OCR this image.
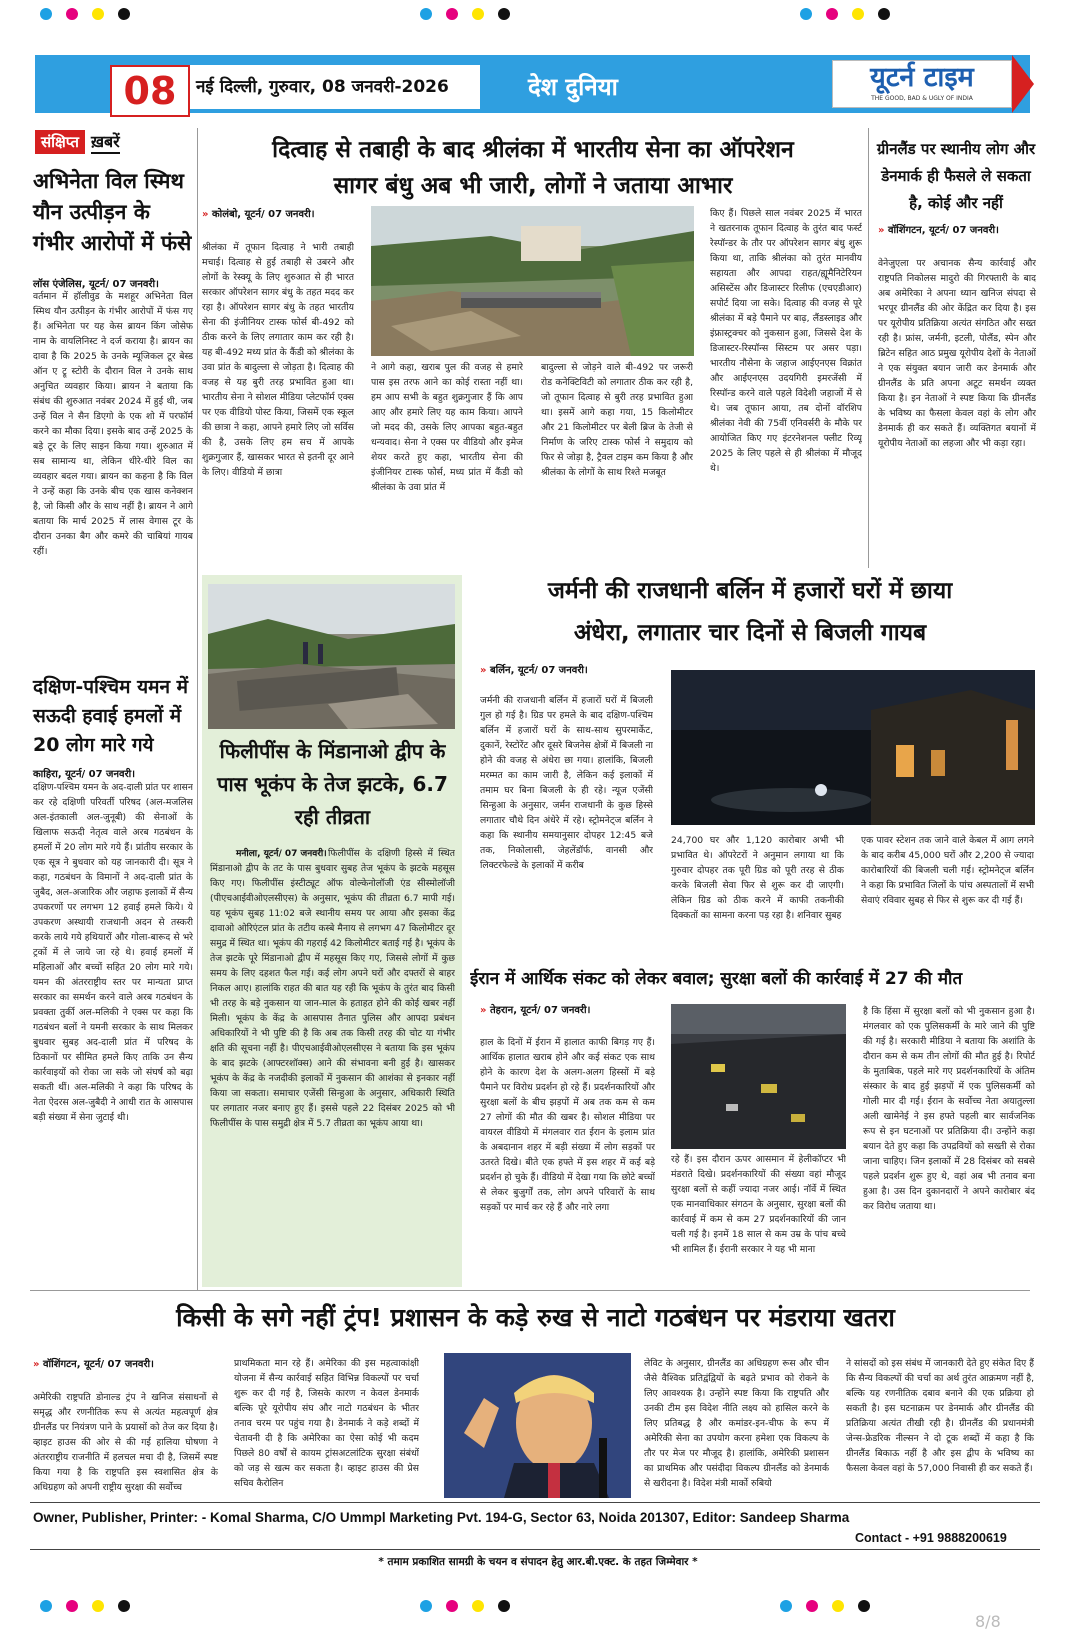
08	नई दिल्ली, गुरुवार, 08 जनवरी-2026	देश दुनिया	यूटर्न टाइम
THE GOOD, BAD & UGLY OF INDIA
संक्षिप्त ख़बरें
अभिनेता विल स्मिथ यौन उत्पीड़न के गंभीर आरोपों में फंसे
लॉस एंजेलिस, यूटर्न/ 07 जनवरी।
वर्तमान में हॉलीवुड के मशहूर अभिनेता विल स्मिथ यौन उत्पीड़न के गंभीर आरोपों में फंस गए हैं। अभिनेता पर यह केस ब्रायन किंग जोसेफ नाम के वायलिनिस्ट ने दर्ज कराया है। ब्रायन का दावा है कि 2025 के उनके म्यूजिकल टूर बेस्ड ऑन ए ट्रू स्टोरी के दौरान विल ने उनके साथ अनुचित व्यवहार किया। ब्रायन ने बताया कि संबंध की शुरुआत नवंबर 2024 में हुई थी, जब उन्हें विल ने सैन डिएगो के एक शो में परफॉर्म करने का मौका दिया। इसके बाद उन्हें 2025 के बड़े टूर के लिए साइन किया गया। शुरुआत में सब सामान्य था, लेकिन धीरे-धीरे विल का व्यवहार बदल गया। ब्रायन का कहना है कि विल ने उन्हें कहा कि उनके बीच एक खास कनेक्शन है, जो किसी और के साथ नहीं है। ब्रायन ने आगे बताया कि मार्च 2025 में लास वेगास टूर के दौरान उनका बैग और कमरे की चाबियां गायब रहीं।
दक्षिण-पश्चिम यमन में सऊदी हवाई हमलों में 20 लोग मारे गये
काहिरा, यूटर्न/ 07 जनवरी।
दक्षिण-पश्चिम यमन के अद-दाली प्रांत पर शासन कर रहे दक्षिणी परिवर्ती परिषद (अल-मजलिस अल-इंतकाली अल-जुनूबी) की सेनाओं के खिलाफ सऊदी नेतृत्व वाले अरब गठबंधन के हमलों में 20 लोग मारे गये हैं। प्रांतीय सरकार के एक सूत्र ने बुधवार को यह जानकारी दी। सूत्र ने कहा, गठबंधन के विमानों ने अद-दाली प्रांत के जुबैद, अल-अजारिक और जहाफ इलाकों में सैन्य उपकरणों पर लगभग 12 हवाई हमले किये। ये उपकरण अस्थायी राजधानी अदन से तस्करी करके लाये गये हथियारों और गोला-बारूद से भरे ट्रकों में ले जाये जा रहे थे। हवाई हमलों में महिलाओं और बच्चों सहित 20 लोग मारे गये। यमन की अंतरराष्ट्रीय स्तर पर मान्यता प्राप्त सरकार का समर्थन करने वाले अरब गठबंधन के प्रवक्ता तुर्की अल-मलिकी ने एक्स पर कहा कि गठबंधन बलों ने यमनी सरकार के साथ मिलकर बुधवार सुबह अद-दाली प्रांत में परिषद के ठिकानों पर सीमित हमले किए ताकि उन सैन्य कार्रवाइयों को रोका जा सके जो संघर्ष को बढ़ा सकती थीं। अल-मलिकी ने कहा कि परिषद के नेता ऐदरस अल-जुबैदी ने आधी रात के आसपास बड़ी संख्या में सेना जुटाई थी।
दित्वाह से तबाही के बाद श्रीलंका में भारतीय सेना का ऑपरेशन
सागर बंधु अब भी जारी, लोगों ने जताया आभार
» कोलंबो, यूटर्न/ 07 जनवरी।
श्रीलंका में तूफान दित्वाह ने भारी तबाही मचाई। दित्वाह से हुई तबाही से उबरने और लोगों के रेस्क्यू के लिए शुरुआत से ही भारत सरकार ऑपरेशन सागर बंधु के तहत मदद कर रहा है। ऑपरेशन सागर बंधु के तहत भारतीय सेना की इंजीनियर टास्क फोर्स बी-492 को ठीक करने के लिए लगातार काम कर रही है। यह बी-492 मध्य प्रांत के कैंडी को श्रीलंका के उवा प्रांत के बादुल्ला से जोड़ता है। दित्वाह की वजह से यह बुरी तरह प्रभावित हुआ था। भारतीय सेना ने सोशल मीडिया प्लेटफॉर्म एक्स पर एक वीडियो पोस्ट किया, जिसमें एक स्कूल की छात्रा ने कहा, आपने हमारे लिए जो सर्विस की है, उसके लिए हम सच में आपके शुक्रगुजार हैं, खासकर भारत से इतनी दूर आने के लिए। वीडियो में छात्रा
ने आगे कहा, खराब पुल की वजह से हमारे पास इस तरफ आने का कोई रास्ता नहीं था। हम आप सभी के बहुत शुक्रगुजार हैं कि आप आए और हमारे लिए यह काम किया। आपने जो मदद की, उसके लिए आपका बहुत-बहुत धन्यवाद। सेना ने एक्स पर वीडियो और इमेज शेयर करते हुए कहा, भारतीय सेना की इंजीनियर टास्क फोर्स, मध्य प्रांत में कैंडी को श्रीलंका के उवा प्रांत में
बादुल्ला से जोड़ने वाले बी-492 पर जरूरी रोड कनेक्टिविटी को लगातार ठीक कर रही है, जो तूफान दित्वाह से बुरी तरह प्रभावित हुआ था। इसमें आगे कहा गया, 15 किलोमीटर और 21 किलोमीटर पर बेली ब्रिज के तेजी से निर्माण के जरिए टास्क फोर्स ने समुदाय को फिर से जोड़ा है, ट्रैवल टाइम कम किया है और श्रीलंका के लोगों के साथ रिश्ते मजबूत
किए हैं। पिछले साल नवंबर 2025 में भारत ने खतरनाक तूफान दित्वाह के तुरंत बाद फर्स्ट रेस्पॉन्डर के तौर पर ऑपरेशन सागर बंधु शुरू किया था, ताकि श्रीलंका को तुरंत मानवीय सहायता और आपदा राहत/ह्यूमैनिटेरियन असिस्टेंस और डिजास्टर रिलीफ (एचएडीआर) सपोर्ट दिया जा सके। दित्वाह की वजह से पूरे श्रीलंका में बड़े पैमाने पर बाढ़, लैंडस्लाइड और इंफ्रास्ट्रक्चर को नुकसान हुआ, जिससे देश के डिजास्टर-रिस्पॉन्स सिस्टम पर असर पड़ा। भारतीय नौसेना के जहाज आईएनएस विक्रांत और आईएनएस उदयगिरी इमरजेंसी में रिस्पॉन्ड करने वाले पहले विदेशी जहाजों में से थे। जब तूफान आया, तब दोनों वॉरशिप श्रीलंका नेवी की 75वीं एनिवर्सरी के मौके पर आयोजित किए गए इंटरनेशनल फ्लीट रिव्यू 2025 के लिए पहले से ही श्रीलंका में मौजूद थे।
ग्रीनलैंड पर स्थानीय लोग और डेनमार्क ही फैसले ले सकता है, कोई और नहीं
» वॉशिंगटन, यूटर्न/ 07 जनवरी।
वेनेजुएला पर अचानक सैन्य कार्रवाई और राष्ट्रपति निकोलस मादुरो की गिरफ्तारी के बाद अब अमेरिका ने अपना ध्यान खनिज संपदा से भरपूर ग्रीनलैंड की ओर केंद्रित कर दिया है। इस पर यूरोपीय प्रतिक्रिया अत्यंत संगठित और सख्त रही है। फ्रांस, जर्मनी, इटली, पोलैंड, स्पेन और ब्रिटेन सहित आठ प्रमुख यूरोपीय देशों के नेताओं ने एक संयुक्त बयान जारी कर डेनमार्क और ग्रीनलैंड के प्रति अपना अटूट समर्थन व्यक्त किया है। इन नेताओं ने स्पष्ट किया कि ग्रीनलैंड के भविष्य का फैसला केवल वहां के लोग और डेनमार्क ही कर सकते हैं। व्यक्तिगत बयानों में यूरोपीय नेताओं का लहजा और भी कड़ा रहा।
फिलीपींस के मिंडानाओ द्वीप के पास भूकंप के तेज झटके, 6.7 रही तीव्रता
मनीला, यूटर्न/ 07 जनवरी। फिलीपींस के दक्षिणी हिस्से में स्थित मिंडानाओ द्वीप के तट के पास बुधवार सुबह तेज भूकंप के झटके महसूस किए गए। फिलीपींस इंस्टीट्यूट ऑफ वोल्केनोलॉजी एंड सीस्मोलॉजी (पीएचआईवीओएलसीएस) के अनुसार, भूकंप की तीव्रता 6.7 मापी गई। यह भूकंप सुबह 11:02 बजे स्थानीय समय पर आया और इसका केंद्र दावाओ ओरिएंटल प्रांत के तटीय कस्बे मैनाय से लगभग 47 किलोमीटर दूर समुद्र में स्थित था। भूकंप की गहराई 42 किलोमीटर बताई गई है। भूकंप के तेज झटके पूरे मिंडानाओ द्वीप में महसूस किए गए, जिससे लोगों में कुछ समय के लिए दहशत फैल गई। कई लोग अपने घरों और दफ्तरों से बाहर निकल आए। हालांकि राहत की बात यह रही कि भूकंप के तुरंत बाद किसी भी तरह के बड़े नुकसान या जान-माल के हताहत होने की कोई खबर नहीं मिली। भूकंप के केंद्र के आसपास तैनात पुलिस और आपदा प्रबंधन अधिकारियों ने भी पुष्टि की है कि अब तक किसी तरह की चोट या गंभीर क्षति की सूचना नहीं है। पीएचआईवीओएलसीएस ने बताया कि इस भूकंप के बाद झटके (आफ्टरशॉक्स) आने की संभावना बनी हुई है। खासकर भूकंप के केंद्र के नजदीकी इलाकों में नुकसान की आशंका से इनकार नहीं किया जा सकता। समाचार एजेंसी सिन्हुआ के अनुसार, अधिकारी स्थिति पर लगातार नजर बनाए हुए हैं। इससे पहले 22 दिसंबर 2025 को भी फिलीपींस के पास समुद्री क्षेत्र में 5.7 तीव्रता का भूकंप आया था।
जर्मनी की राजधानी बर्लिन में हजारों घरों में छाया
अंधेरा, लगातार चार दिनों से बिजली गायब
» बर्लिन, यूटर्न/ 07 जनवरी।
जर्मनी की राजधानी बर्लिन में हजारों घरों में बिजली गुल हो गई है। ग्रिड पर हमले के बाद दक्षिण-पश्चिम बर्लिन में हजारों घरों के साथ-साथ सुपरमार्केट, दुकानें, रेस्टोरेंट और दूसरे बिजनेस क्षेत्रों में बिजली ना होने की वजह से अंधेरा छा गया। हालांकि, बिजली मरम्मत का काम जारी है, लेकिन कई इलाकों में तमाम घर बिना बिजली के ही रहे। न्यूज एजेंसी सिन्हुआ के अनुसार, जर्मन राजधानी के कुछ हिस्से लगातार चौथे दिन अंधेरे में रहे। स्ट्रोमनेट्ज बर्लिन ने कहा कि स्थानीय समयानुसार दोपहर 12:45 बजे तक, निकोलासी, जेहलेंडॉर्फ, वानसी और लिक्टरफेल्डे के इलाकों में करीब
24,700 घर और 1,120 कारोबार अभी भी प्रभावित थे। ऑपरेटरों ने अनुमान लगाया था कि गुरुवार दोपहर तक पूरी ग्रिड को पूरी तरह से ठीक करके बिजली सेवा फिर से शुरू कर दी जाएगी। लेकिन ग्रिड को ठीक करने में काफी तकनीकी दिक्कतों का सामना करना पड़ रहा है। शनिवार सुबह
एक पावर स्टेशन तक जाने वाले केबल में आग लगने के बाद करीब 45,000 घरों और 2,200 से ज्यादा कारोबारियों की बिजली चली गई। स्ट्रोमनेट्ज बर्लिन ने कहा कि प्रभावित जिलों के पांच अस्पतालों में सभी सेवाएं रविवार सुबह से फिर से शुरू कर दी गई हैं।
ईरान में आर्थिक संकट को लेकर बवाल; सुरक्षा बलों की कार्रवाई में 27 की मौत
» तेहरान, यूटर्न/ 07 जनवरी।
हाल के दिनों में ईरान में हालात काफी बिगड़ गए हैं। आर्थिक हालात खराब होने और कई संकट एक साथ होने के कारण देश के अलग-अलग हिस्सों में बड़े पैमाने पर विरोध प्रदर्शन हो रहे हैं। प्रदर्शनकारियों और सुरक्षा बलों के बीच झड़पों में अब तक कम से कम 27 लोगों की मौत की खबर है। सोशल मीडिया पर वायरल वीडियो में मंगलवार रात ईरान के इलाम प्रांत के अबदानान शहर में बड़ी संख्या में लोग सड़कों पर उतरते दिखे। बीते एक हफ्ते में इस शहर में कई बड़े प्रदर्शन हो चुके हैं। वीडियो में देखा गया कि छोटे बच्चों से लेकर बुजुर्गों तक, लोग अपने परिवारों के साथ सड़कों पर मार्च कर रहे हैं और नारे लगा
रहे हैं। इस दौरान ऊपर आसमान में हेलीकॉप्टर भी मंडराते दिखे। प्रदर्शनकारियों की संख्या वहां मौजूद सुरक्षा बलों से कहीं ज्यादा नजर आई। नॉर्वे में स्थित एक मानवाधिकार संगठन के अनुसार, सुरक्षा बलों की कार्रवाई में कम से कम 27 प्रदर्शनकारियों की जान चली गई है। इनमें 18 साल से कम उम्र के पांच बच्चे भी शामिल हैं। ईरानी सरकार ने यह भी माना
है कि हिंसा में सुरक्षा बलों को भी नुकसान हुआ है। मंगलवार को एक पुलिसकर्मी के मारे जाने की पुष्टि की गई है। सरकारी मीडिया ने बताया कि अशांति के दौरान कम से कम तीन लोगों की मौत हुई है। रिपोर्ट के मुताबिक, पहले मारे गए प्रदर्शनकारियों के अंतिम संस्कार के बाद हुई झड़पों में एक पुलिसकर्मी को गोली मार दी गई। ईरान के सर्वोच्च नेता अयातुल्ला अली खामेनेई ने इस हफ्ते पहली बार सार्वजनिक रूप से इन घटनाओं पर प्रतिक्रिया दी। उन्होंने कड़ा बयान देते हुए कहा कि उपद्रवियों को सख्ती से रोका जाना चाहिए। जिन इलाकों में 28 दिसंबर को सबसे पहले प्रदर्शन शुरू हुए थे, वहां अब भी तनाव बना हुआ है। उस दिन दुकानदारों ने अपने कारोबार बंद कर विरोध जताया था।
किसी के सगे नहीं ट्रंप! प्रशासन के कड़े रुख से नाटो गठबंधन पर मंडराया खतरा
» वॉशिंगटन, यूटर्न/ 07 जनवरी।
अमेरिकी राष्ट्रपति डोनाल्ड ट्रंप ने खनिज संसाधनों से समृद्ध और रणनीतिक रूप से अत्यंत महत्वपूर्ण क्षेत्र ग्रीनलैंड पर नियंत्रण पाने के प्रयासों को तेज कर दिया है। व्हाइट हाउस की ओर से की गई हालिया घोषणा ने अंतरराष्ट्रीय राजनीति में हलचल मचा दी है, जिसमें स्पष्ट किया गया है कि राष्ट्रपति इस स्वशासित क्षेत्र के अधिग्रहण को अपनी राष्ट्रीय सुरक्षा की सर्वोच्च
प्राथमिकता मान रहे हैं। अमेरिका की इस महत्वाकांक्षी योजना में सैन्य कार्रवाई सहित विभिन्न विकल्पों पर चर्चा शुरू कर दी गई है, जिसके कारण न केवल डेनमार्क बल्कि पूरे यूरोपीय संघ और नाटो गठबंधन के भीतर तनाव चरम पर पहुंच गया है। डेनमार्क ने कड़े शब्दों में चेतावनी दी है कि अमेरिका का ऐसा कोई भी कदम पिछले 80 वर्षों से कायम ट्रांसअटलांटिक सुरक्षा संबंधों को जड़ से खत्म कर सकता है। व्हाइट हाउस की प्रेस सचिव कैरोलिन
लेविट के अनुसार, ग्रीनलैंड का अधिग्रहण रूस और चीन जैसे वैश्विक प्रतिद्वंद्वियों के बढ़ते प्रभाव को रोकने के लिए आवश्यक है। उन्होंने स्पष्ट किया कि राष्ट्रपति और उनकी टीम इस विदेश नीति लक्ष्य को हासिल करने के लिए प्रतिबद्ध है और कमांडर-इन-चीफ के रूप में अमेरिकी सेना का उपयोग करना हमेशा एक विकल्प के तौर पर मेज पर मौजूद है। हालांकि, अमेरिकी प्रशासन का प्राथमिक और पसंदीदा विकल्प ग्रीनलैंड को डेनमार्क से खरीदना है। विदेश मंत्री मार्को रुबियो
ने सांसदों को इस संबंध में जानकारी देते हुए संकेत दिए हैं कि सैन्य विकल्पों की चर्चा का अर्थ तुरंत आक्रमण नहीं है, बल्कि यह रणनीतिक दबाव बनाने की एक प्रक्रिया हो सकती है। इस घटनाक्रम पर डेनमार्क और ग्रीनलैंड की प्रतिक्रिया अत्यंत तीखी रही है। ग्रीनलैंड की प्रधानमंत्री जेन्स-फ्रेडरिक नील्सन ने दो टूक शब्दों में कहा है कि ग्रीनलैंड बिकाऊ नहीं है और इस द्वीप के भविष्य का फैसला केवल वहां के 57,000 निवासी ही कर सकते हैं।
Owner, Publisher, Printer: - Komal Sharma, C/O Ummpl Marketing Pvt. 194-G, Sector 63, Noida 201307, Editor: Sandeep Sharma
Contact - +91 9888200619
* तमाम प्रकाशित सामग्री के चयन व संपादन हेतु आर.बी.एक्ट. के तहत जिम्मेवार *
8/8
